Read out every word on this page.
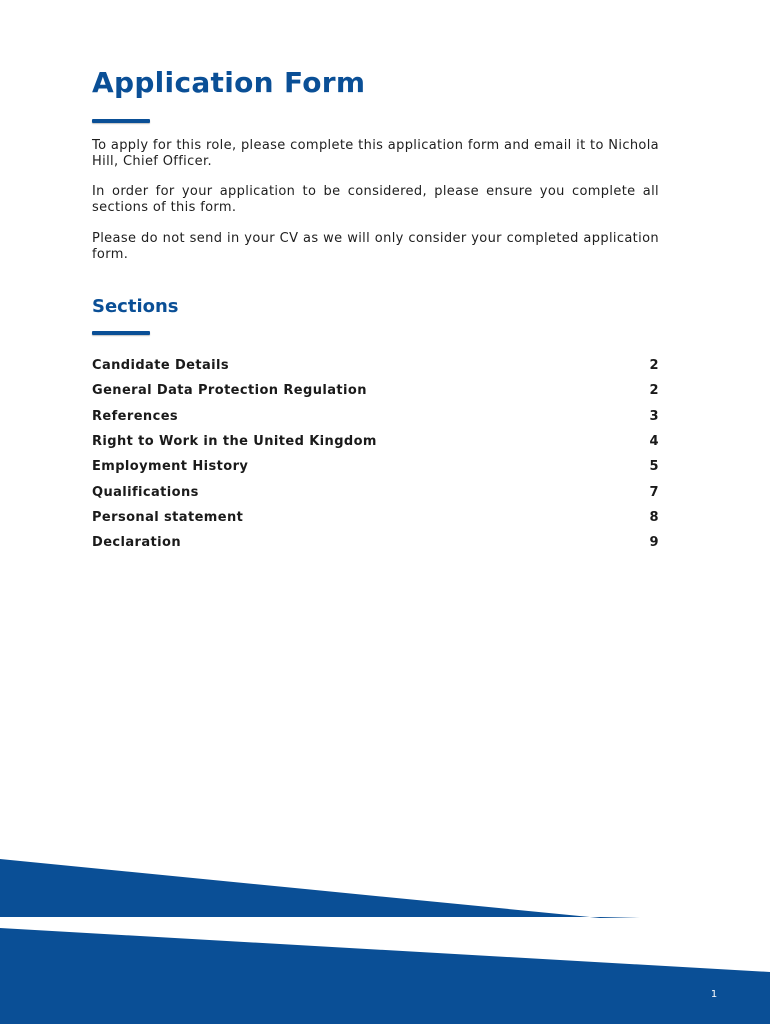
Application Form

To apply for this role, please complete this application form and email it to Nichola Hill, Chief Officer.

In order for your application to be considered, please ensure you complete all sections of this form.

Please do not send in your CV as we will only consider your completed application form.

Sections
Candidate Details	2
General Data Protection Regulation	2
References	3
Right to Work in the United Kingdom	4
Employment History	5
Qualifications	7
Personal statement	8
Declaration	9
1
